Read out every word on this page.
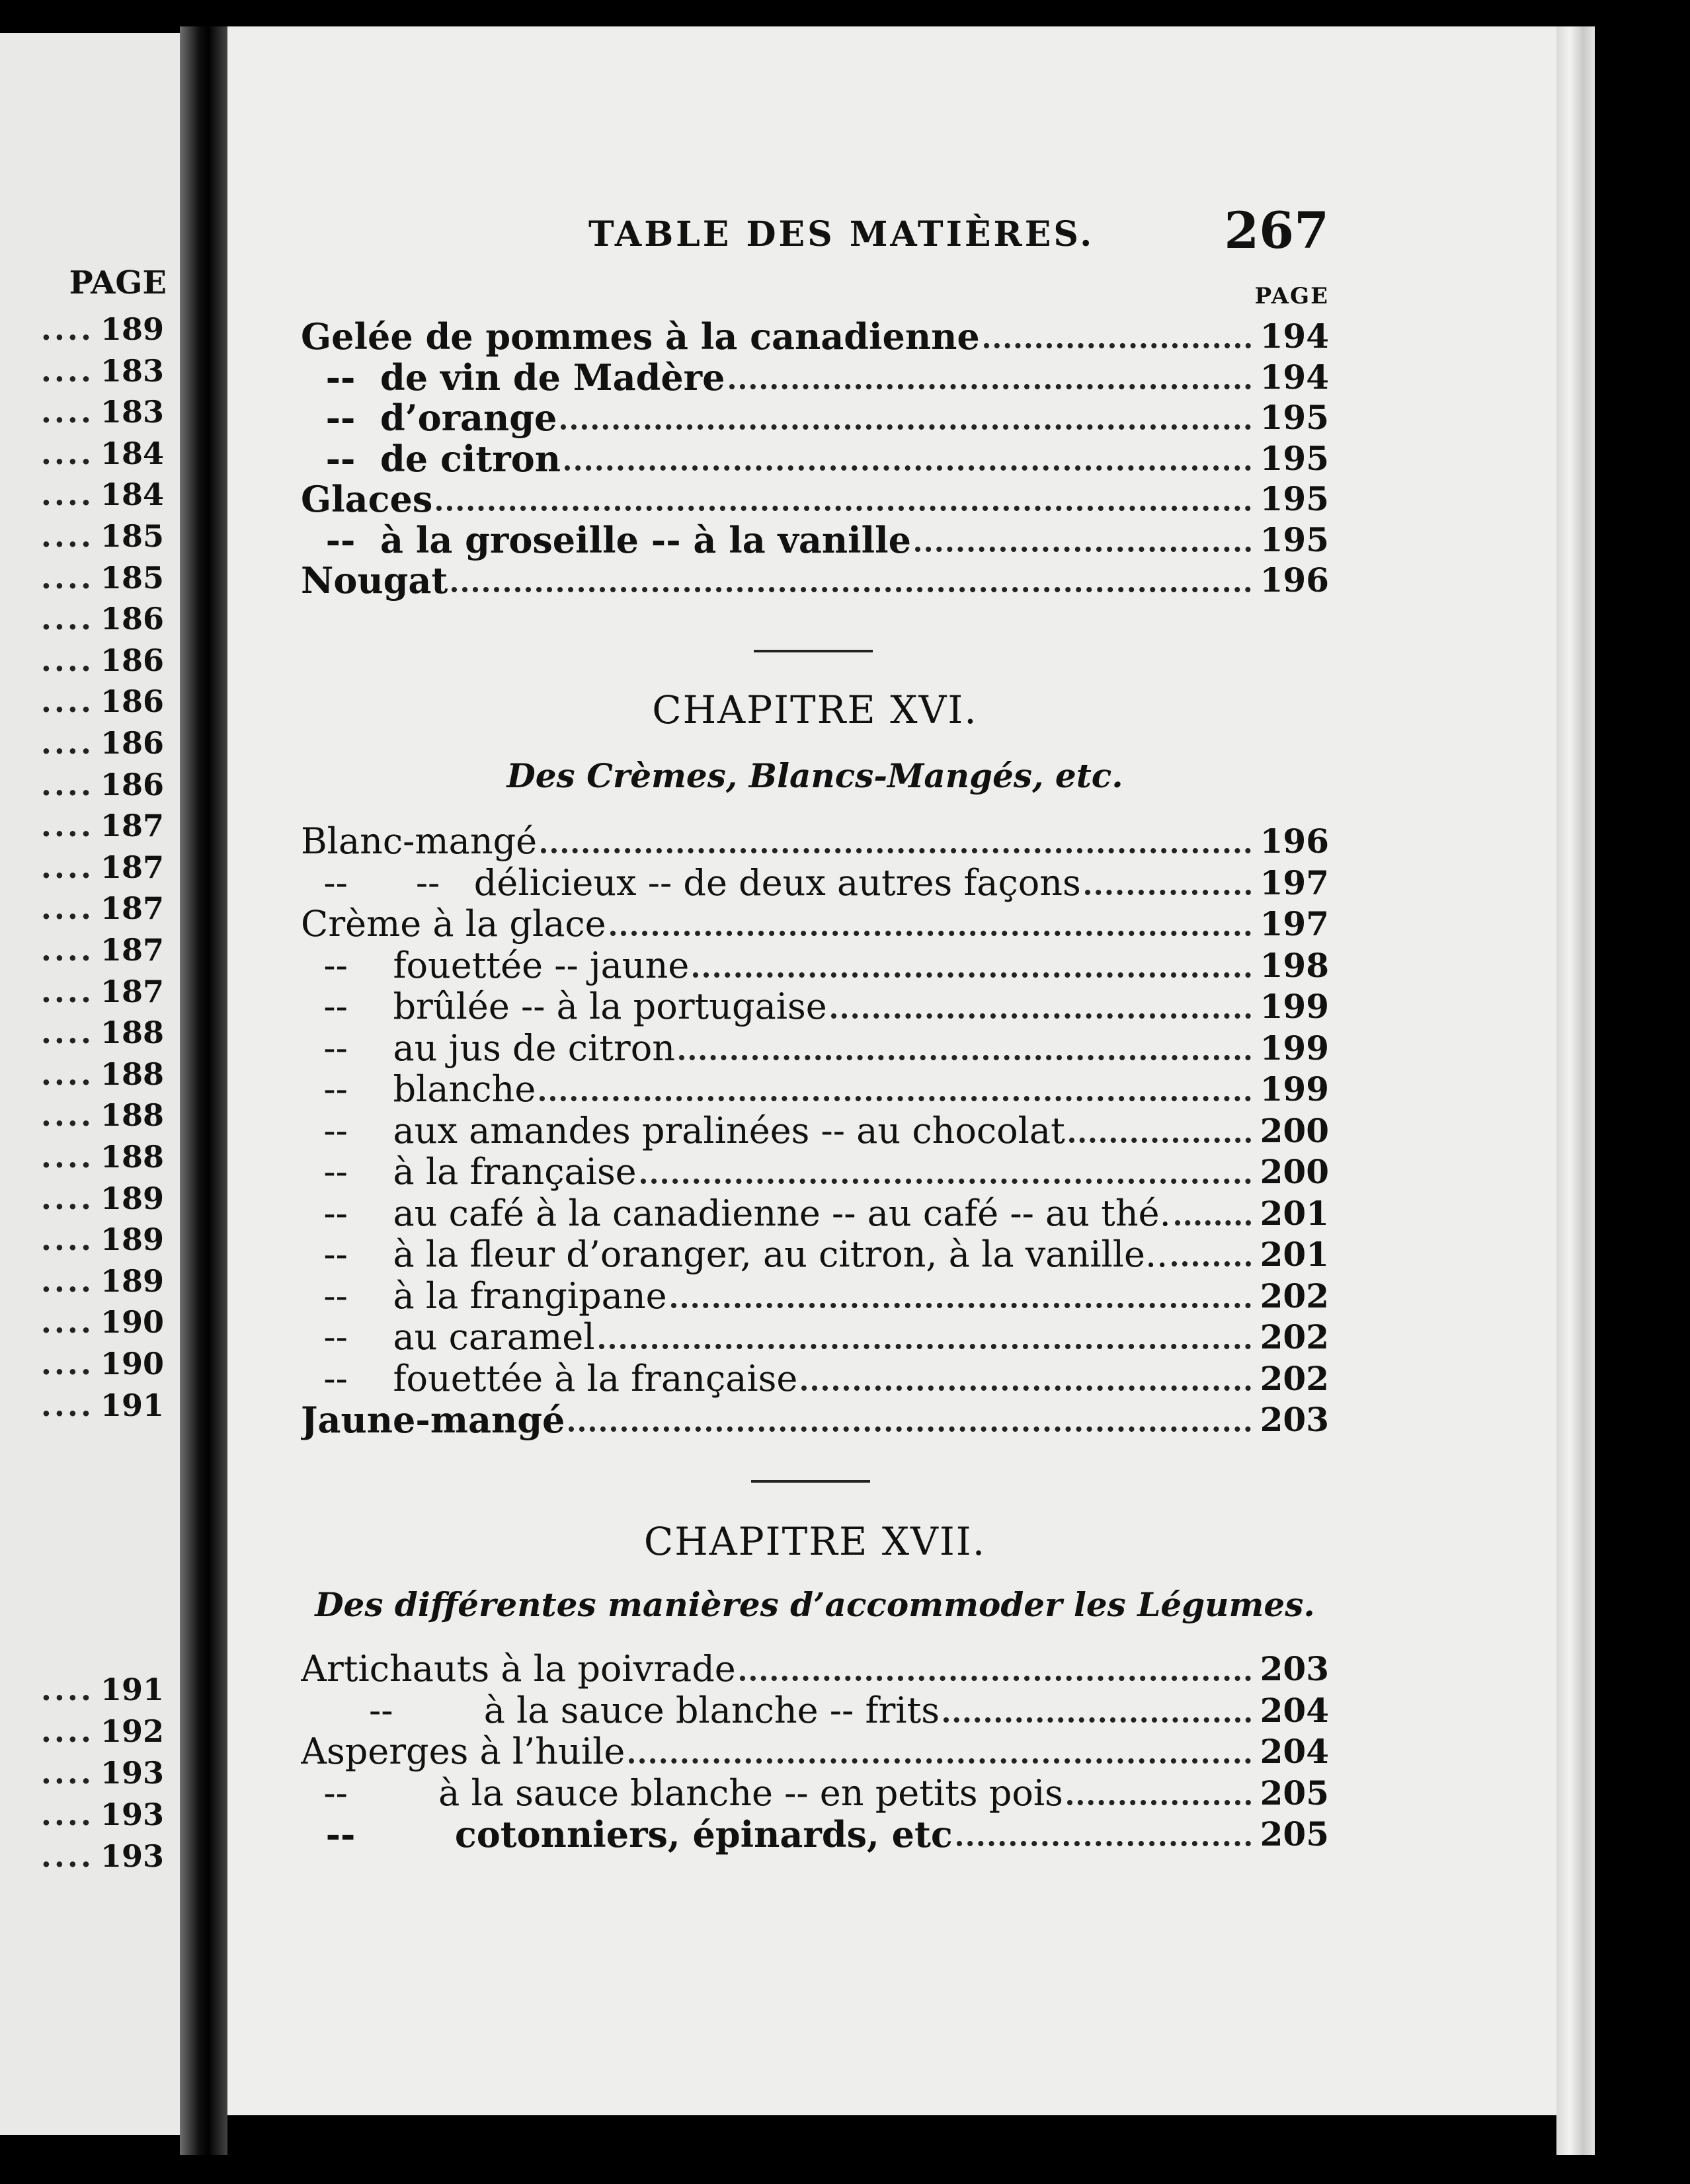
PAGE
.... 189
.... 183
.... 183
.... 184
.... 184
.... 185
.... 185
.... 186
.... 186
.... 186
.... 186
.... 186
.... 187
.... 187
.... 187
.... 187
.... 187
.... 188
.... 188
.... 188
.... 188
.... 189
.... 189
.... 189
.... 190
.... 190
.... 191
.... 191
.... 192
.... 193
.... 193
.... 193
TABLE DES MATIÈRES.	267
PAGE
Gelée de pommes à la canadienne	194
--  de vin de Madère	194
--  d’orange	195
--  de citron	195
Glaces	195
--  à la groseille -- à la vanille	195
Nougat	196
CHAPITRE XVI.
Des Crèmes, Blancs-Mangés, etc.
Blanc-mangé	196
--      --   délicieux -- de deux autres façons	197
Crème à la glace	197
--    fouettée -- jaune	198
--    brûlée -- à la portugaise	199
--    au jus de citron	199
--    blanche	199
--    aux amandes pralinées -- au chocolat	200
--    à la française	200
--    au café à la canadienne -- au café -- au thé.	201
--    à la fleur d’oranger, au citron, à la vanille..	201
--    à la frangipane	202
--    au caramel	202
--    fouettée à la française	202
Jaune-mangé	203
CHAPITRE XVII.
Des différentes manières d’accommoder les Légumes.
Artichauts à la poivrade	203
--        à la sauce blanche -- frits	204
Asperges à l’huile	204
--        à la sauce blanche -- en petits pois	205
--        cotonniers, épinards, etc	205
